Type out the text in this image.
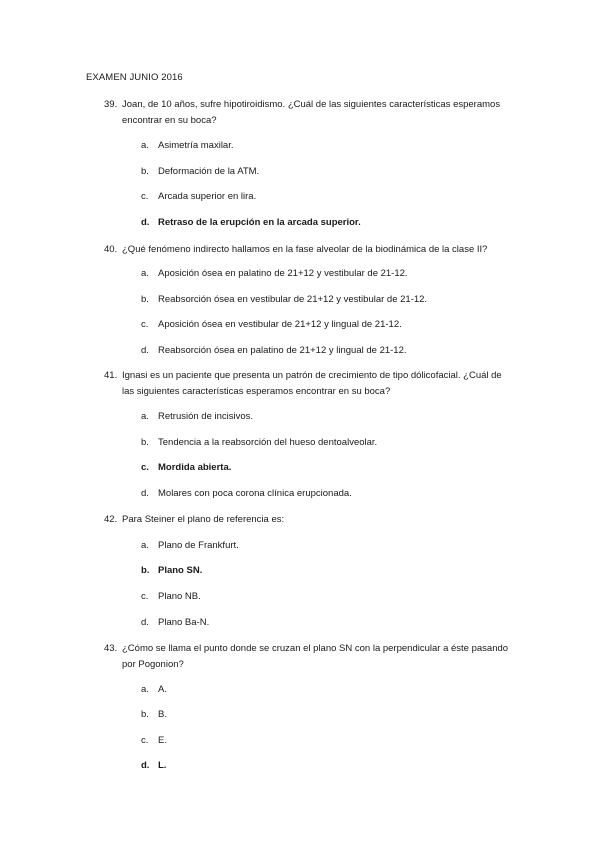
EXAMEN JUNIO 2016
39. Joan, de 10 años, sufre hipotiroidismo. ¿Cuál de las siguientes características esperamos encontrar en su boca?
a. Asimetría maxilar.
b. Deformación de la ATM.
c. Arcada superior en lira.
d. Retraso de la erupción en la arcada superior.
40. ¿Qué fenómeno indirecto hallamos en la fase alveolar de la biodinámica de la clase II?
a. Aposición ósea en palatino de 21+12 y vestibular de 21-12.
b. Reabsorción ósea en vestibular de 21+12 y vestibular de 21-12.
c. Aposición ósea en vestibular de 21+12 y lingual de 21-12.
d. Reabsorción ósea en palatino de 21+12 y lingual de 21-12.
41. Ignasi es un paciente que presenta un patrón de crecimiento de tipo dólicofacial. ¿Cuál de las siguientes características esperamos encontrar en su boca?
a. Retrusión de incisivos.
b. Tendencia a la reabsorción del hueso dentoalveolar.
c. Mordida abierta.
d. Molares con poca corona clínica erupcionada.
42. Para Steiner el plano de referencia es:
a. Plano de Frankfurt.
b. Plano SN.
c. Plano NB.
d. Plano Ba-N.
43. ¿Cómo se llama el punto donde se cruzan el plano SN con la perpendicular a éste pasando por Pogonion?
a. A.
b. B.
c. E.
d. L.
